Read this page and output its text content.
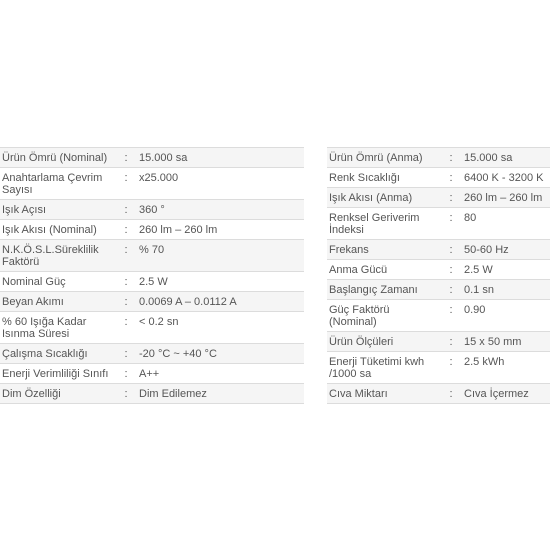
Ürün Ömrü (Nominal)	:	15.000 sa
Anahtarlama Çevrim Sayısı	:	x25.000
Işık Açısı	:	360 °
Işık Akısı (Nominal)	:	260 lm – 260 lm
N.K.Ö.S.L.Süreklilik Faktörü	:	% 70
Nominal Güç	:	2.5 W
Beyan Akımı	:	0.0069 A – 0.0112 A
% 60 Işığa Kadar Isınma Süresi	:	< 0.2 sn
Çalışma Sıcaklığı	:	-20 °C ~ +40 °C
Enerji Verimliliği Sınıfı	:	A++
Dim Özelliği	:	Dim Edilemez
Ürün Ömrü (Anma)	:	15.000 sa
Renk Sıcaklığı	:	6400 K - 3200 K
Işık Akısı (Anma)	:	260 lm – 260 lm
Renksel Geriverim İndeksi	:	80
Frekans	:	50-60 Hz
Anma Gücü	:	2.5 W
Başlangıç Zamanı	:	0.1 sn
Güç Faktörü (Nominal)	:	0.90
Ürün Ölçüleri	:	15 x 50 mm
Enerji Tüketimi kwh /1000 sa	:	2.5 kWh
Cıva Miktarı	:	Cıva İçermez
